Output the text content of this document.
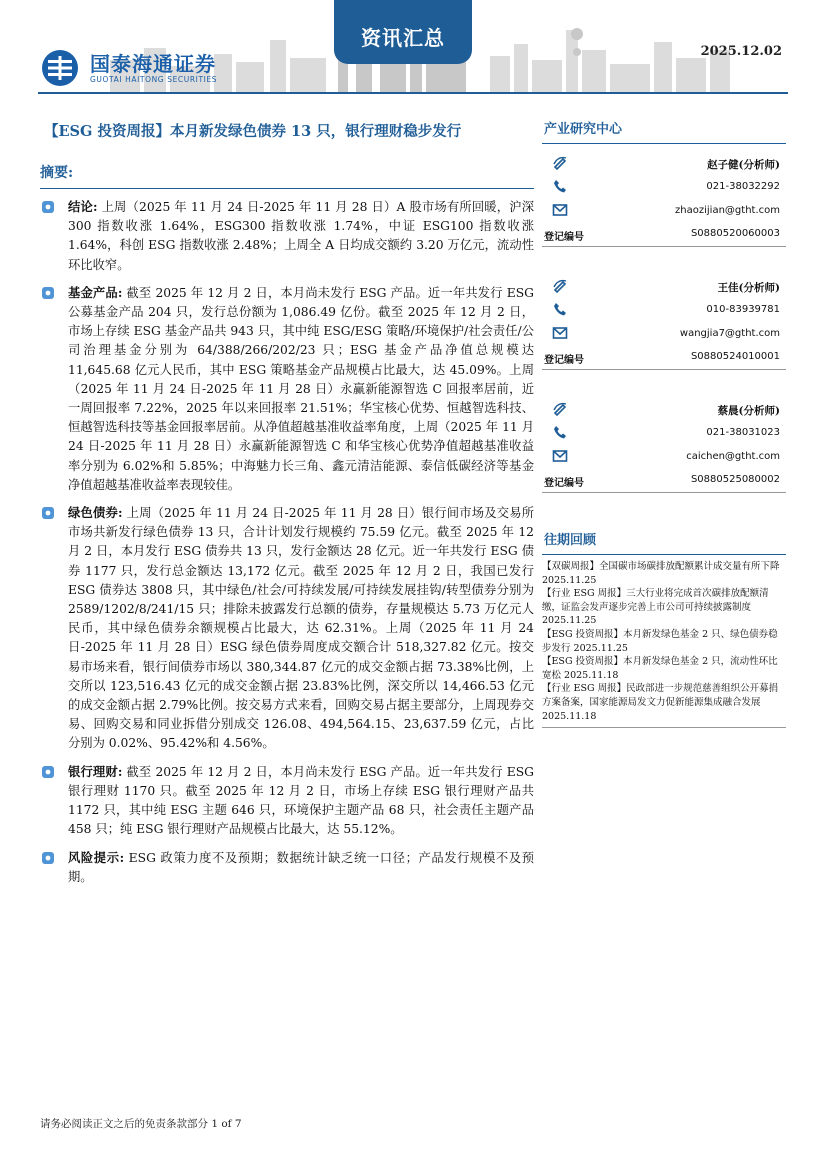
国泰海通证券
GUOTAI HAITONG SECURITIES
资讯汇总
2025.12.02
【ESG 投资周报】本月新发绿色债券 13 只，银行理财稳步发行
摘要:
结论: 上周（2025 年 11 月 24 日-2025 年 11 月 28 日）A 股市场有所回暖，沪深 300 指数收涨 1.64%，ESG300 指数收涨 1.74%，中证 ESG100 指数收涨 1.64%，科创 ESG 指数收涨 2.48%；上周全 A 日均成交额约 3.20 万亿元，流动性环比收窄。
基金产品: 截至 2025 年 12 月 2 日，本月尚未发行 ESG 产品。近一年共发行 ESG 公募基金产品 204 只，发行总份额为 1,086.49 亿份。截至 2025 年 12 月 2 日，市场上存续 ESG 基金产品共 943 只，其中纯 ESG/ESG 策略/环境保护/社会责任/公司治理基金分别为 64/388/266/202/23 只；ESG 基金产品净值总规模达 11,645.68 亿元人民币，其中 ESG 策略基金产品规模占比最大，达 45.09%。上周（2025 年 11 月 24 日-2025 年 11 月 28 日）永赢新能源智选 C 回报率居前，近一周回报率 7.22%，2025 年以来回报率 21.51%；华宝核心优势、恒越智选科技、恒越智选科技等基金回报率居前。从净值超越基准收益率角度，上周（2025 年 11 月 24 日-2025 年 11 月 28 日）永赢新能源智选 C 和华宝核心优势净值超越基准收益率分别为 6.02%和 5.85%；中海魅力长三角、鑫元清洁能源、泰信低碳经济等基金净值超越基准收益率表现较佳。
绿色债券: 上周（2025 年 11 月 24 日-2025 年 11 月 28 日）银行间市场及交易所市场共新发行绿色债券 13 只，合计计划发行规模约 75.59 亿元。截至 2025 年 12 月 2 日，本月发行 ESG 债券共 13 只，发行金额达 28 亿元。近一年共发行 ESG 债券 1177 只，发行总金额达 13,172 亿元。截至 2025 年 12 月 2 日，我国已发行 ESG 债券达 3808 只，其中绿色/社会/可持续发展/可持续发展挂钩/转型债券分别为 2589/1202/8/241/15 只；排除未披露发行总额的债券，存量规模达 5.73 万亿元人民币，其中绿色债券余额规模占比最大，达 62.31%。上周（2025 年 11 月 24 日-2025 年 11 月 28 日）ESG 绿色债券周度成交额合计 518,327.82 亿元。按交易市场来看，银行间债券市场以 380,344.87 亿元的成交金额占据 73.38%比例，上交所以 123,516.43 亿元的成交金额占据 23.83%比例，深交所以 14,466.53 亿元的成交金额占据 2.79%比例。按交易方式来看，回购交易占据主要部分，上周现券交易、回购交易和同业拆借分别成交 126.08、494,564.15、23,637.59 亿元，占比分别为 0.02%、95.42%和 4.56%。
银行理财: 截至 2025 年 12 月 2 日，本月尚未发行 ESG 产品。近一年共发行 ESG 银行理财 1170 只。截至 2025 年 12 月 2 日，市场上存续 ESG 银行理财产品共 1172 只，其中纯 ESG 主题 646 只，环境保护主题产品 68 只，社会责任主题产品 458 只；纯 ESG 银行理财产品规模占比最大，达 55.12%。
风险提示: ESG 政策力度不及预期；数据统计缺乏统一口径；产品发行规模不及预期。
产业研究中心
赵子健(分析师)
021-38032292
zhaozijian@gtht.com
登记编号	S0880520060003
王佳(分析师)
010-83939781
wangjia7@gtht.com
登记编号	S0880524010001
蔡晨(分析师)
021-38031023
caichen@gtht.com
登记编号	S0880525080002
往期回顾
【双碳周报】全国碳市场碳排放配额累计成交量有所下降 2025.11.25
【行业 ESG 周报】三大行业将完成首次碳排放配额清缴，证监会发声逐步完善上市公司可持续披露制度 2025.11.25
【ESG 投资周报】本月新发绿色基金 2 只、绿色债券稳步发行 2025.11.25
【ESG 投资周报】本月新发绿色基金 2 只，流动性环比宽松 2025.11.18
【行业 ESG 周报】民政部进一步规范慈善组织公开募捐方案备案，国家能源局发文力促新能源集成融合发展 2025.11.18
请务必阅读正文之后的免责条款部分 1 of 7
